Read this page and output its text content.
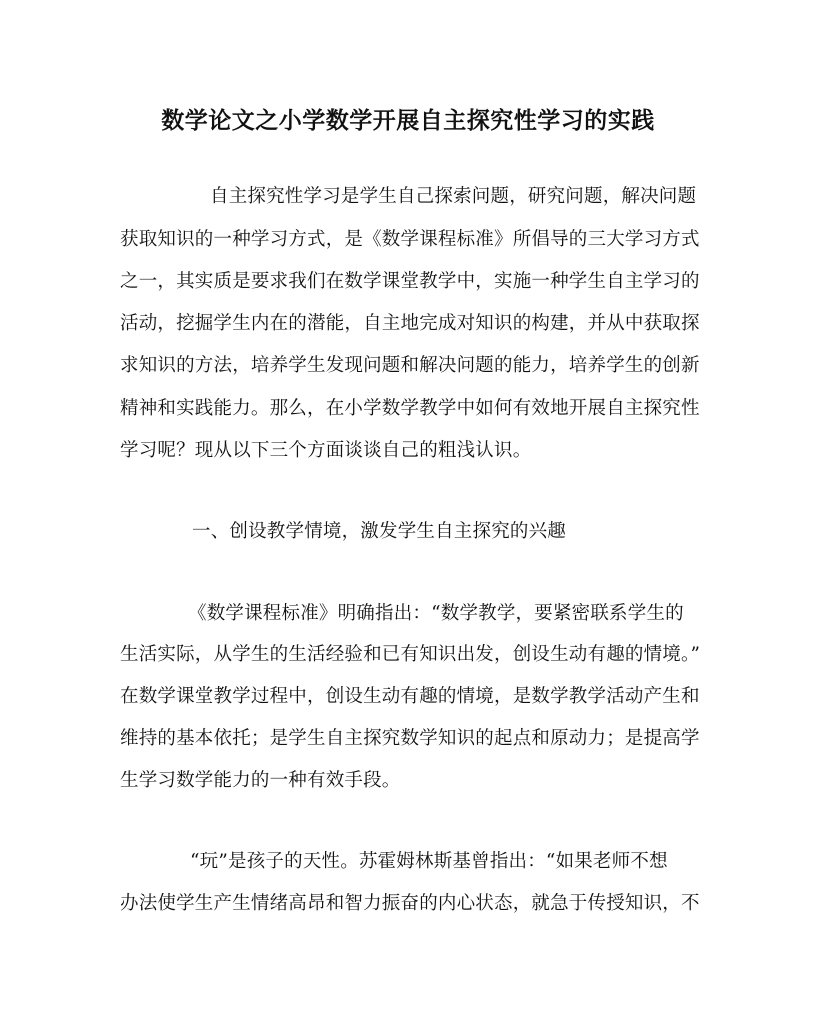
数学论文之小学数学开展自主探究性学习的实践

自主探究性学习是学生自己探索问题，研究问题，解决问题

获取知识的一种学习方式，是《数学课程标准》所倡导的三大学习方式

之一，其实质是要求我们在数学课堂教学中，实施一种学生自主学习的

活动，挖掘学生内在的潜能，自主地完成对知识的构建，并从中获取探

求知识的方法，培养学生发现问题和解决问题的能力，培养学生的创新

精神和实践能力。那么，在小学数学教学中如何有效地开展自主探究性

学习呢？现从以下三个方面谈谈自己的粗浅认识。

一、创设教学情境，激发学生自主探究的兴趣

《数学课程标准》明确指出：“数学教学，要紧密联系学生的

生活实际，从学生的生活经验和已有知识出发，创设生动有趣的情境。”

在数学课堂教学过程中，创设生动有趣的情境，是数学教学活动产生和

维持的基本依托；是学生自主探究数学知识的起点和原动力；是提高学

生学习数学能力的一种有效手段。

“玩”是孩子的天性。苏霍姆林斯基曾指出：“如果老师不想

办法使学生产生情绪高昂和智力振奋的内心状态，就急于传授知识，不
